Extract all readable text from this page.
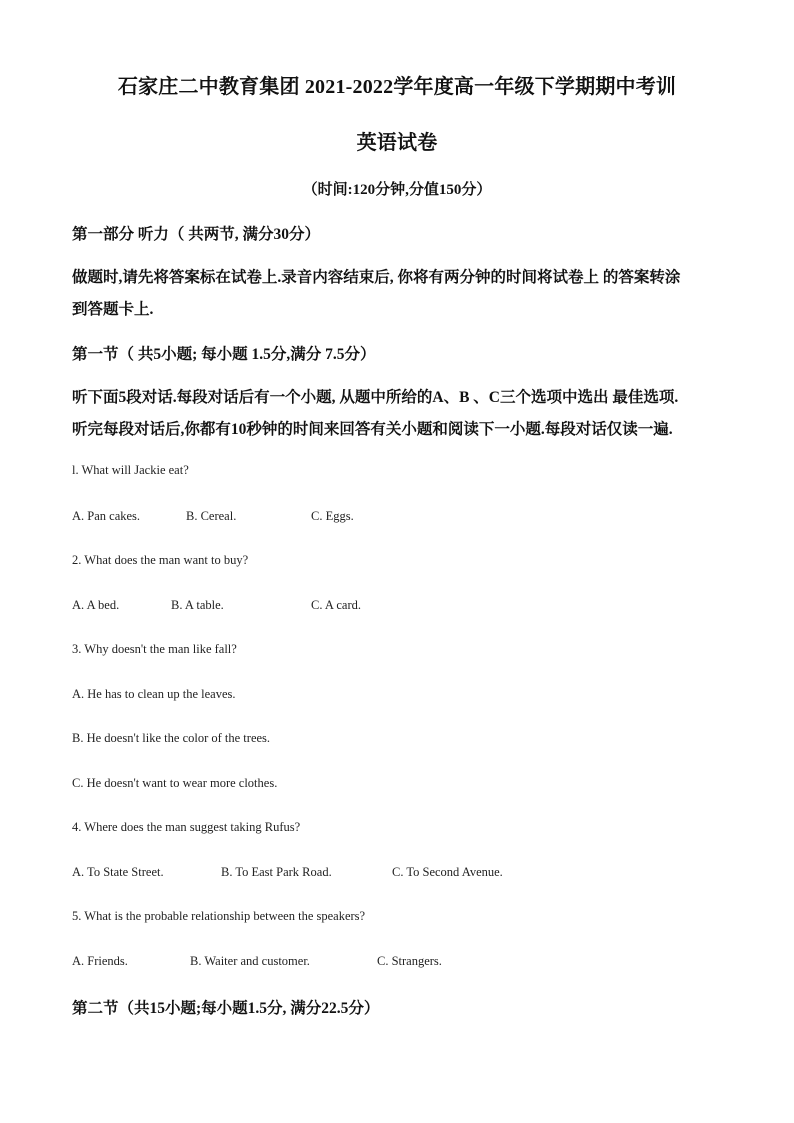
石家庄二中教育集团 2021-2022学年度高一年级下学期期中考训
英语试卷
（时间:120分钟,分值150分）
第一部分 听力（ 共两节, 满分30分）
做题时,请先将答案标在试卷上.录音内容结束后, 你将有两分钟的时间将试卷上 的答案转涂
到答题卡上.
第一节（ 共5小题; 每小题 1.5分,满分 7.5分）
听下面5段对话.每段对话后有一个小题, 从题中所给的A、B 、C三个选项中选出 最佳选项.
听完每段对话后,你都有10秒钟的时间来回答有关小题和阅读下一小题.每段对话仅读一遍.
l. What will Jackie eat?
A. Pan cakes.	B. Cereal.	C. Eggs.
2. What does the man want to buy?
A. A bed.	B. A table.	C. A card.
3. Why doesn't the man like fall?
A. He has to clean up the leaves.
B. He doesn't like the color of the trees.
C. He doesn't want to wear more clothes.
4. Where does the man suggest taking Rufus?
A. To State Street.	B. To East Park Road.	C. To Second Avenue.
5. What is the probable relationship between the speakers?
A. Friends.	B. Waiter and customer.	C. Strangers.
第二节（共15小题;每小题1.5分, 满分22.5分）
